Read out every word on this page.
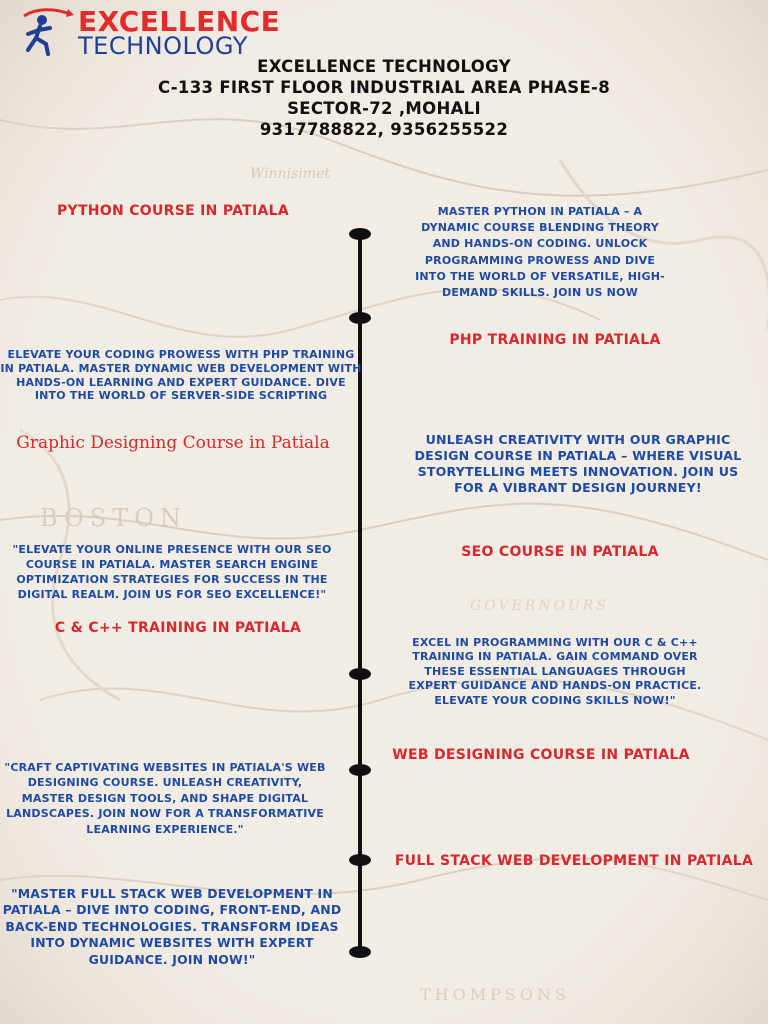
Winnisimet
BOSTON
GOVERNOURS
THOMPSONS
EXCELLENCE
TECHNOLOGY
EXCELLENCE TECHNOLOGY
C-133 FIRST FLOOR INDUSTRIAL AREA PHASE-8
SECTOR-72 ,MOHALI
9317788822, 9356255522
PYTHON COURSE IN PATIALA	MASTER PYTHON IN PATIALA – A DYNAMIC COURSE BLENDING THEORY AND HANDS-ON CODING. UNLOCK PROGRAMMING PROWESS AND DIVE INTO THE WORLD OF VERSATILE, HIGH-DEMAND SKILLS. JOIN US NOW
PHP TRAINING IN PATIALA
ELEVATE YOUR CODING PROWESS WITH PHP TRAINING IN PATIALA. MASTER DYNAMIC WEB DEVELOPMENT WITH HANDS-ON LEARNING AND EXPERT GUIDANCE. DIVE INTO THE WORLD OF SERVER-SIDE SCRIPTING
Graphic Designing Course in Patiala	UNLEASH CREATIVITY WITH OUR GRAPHIC DESIGN COURSE IN PATIALA – WHERE VISUAL STORYTELLING MEETS INNOVATION. JOIN US FOR A VIBRANT DESIGN JOURNEY!
"ELEVATE YOUR ONLINE PRESENCE WITH OUR SEO COURSE IN PATIALA. MASTER SEARCH ENGINE OPTIMIZATION STRATEGIES FOR SUCCESS IN THE DIGITAL REALM. JOIN US FOR SEO EXCELLENCE!"
SEO COURSE IN PATIALA
C & C++ TRAINING IN PATIALA
EXCEL IN PROGRAMMING WITH OUR C & C++ TRAINING IN PATIALA. GAIN COMMAND OVER THESE ESSENTIAL LANGUAGES THROUGH EXPERT GUIDANCE AND HANDS-ON PRACTICE. ELEVATE YOUR CODING SKILLS NOW!"
WEB DESIGNING COURSE IN PATIALA
"CRAFT CAPTIVATING WEBSITES IN PATIALA'S WEB DESIGNING COURSE. UNLEASH CREATIVITY, MASTER DESIGN TOOLS, AND SHAPE DIGITAL LANDSCAPES. JOIN NOW FOR A TRANSFORMATIVE LEARNING EXPERIENCE."
FULL STACK WEB DEVELOPMENT IN PATIALA
"MASTER FULL STACK WEB DEVELOPMENT IN PATIALA – DIVE INTO CODING, FRONT-END, AND BACK-END TECHNOLOGIES. TRANSFORM IDEAS INTO DYNAMIC WEBSITES WITH EXPERT GUIDANCE. JOIN NOW!"
